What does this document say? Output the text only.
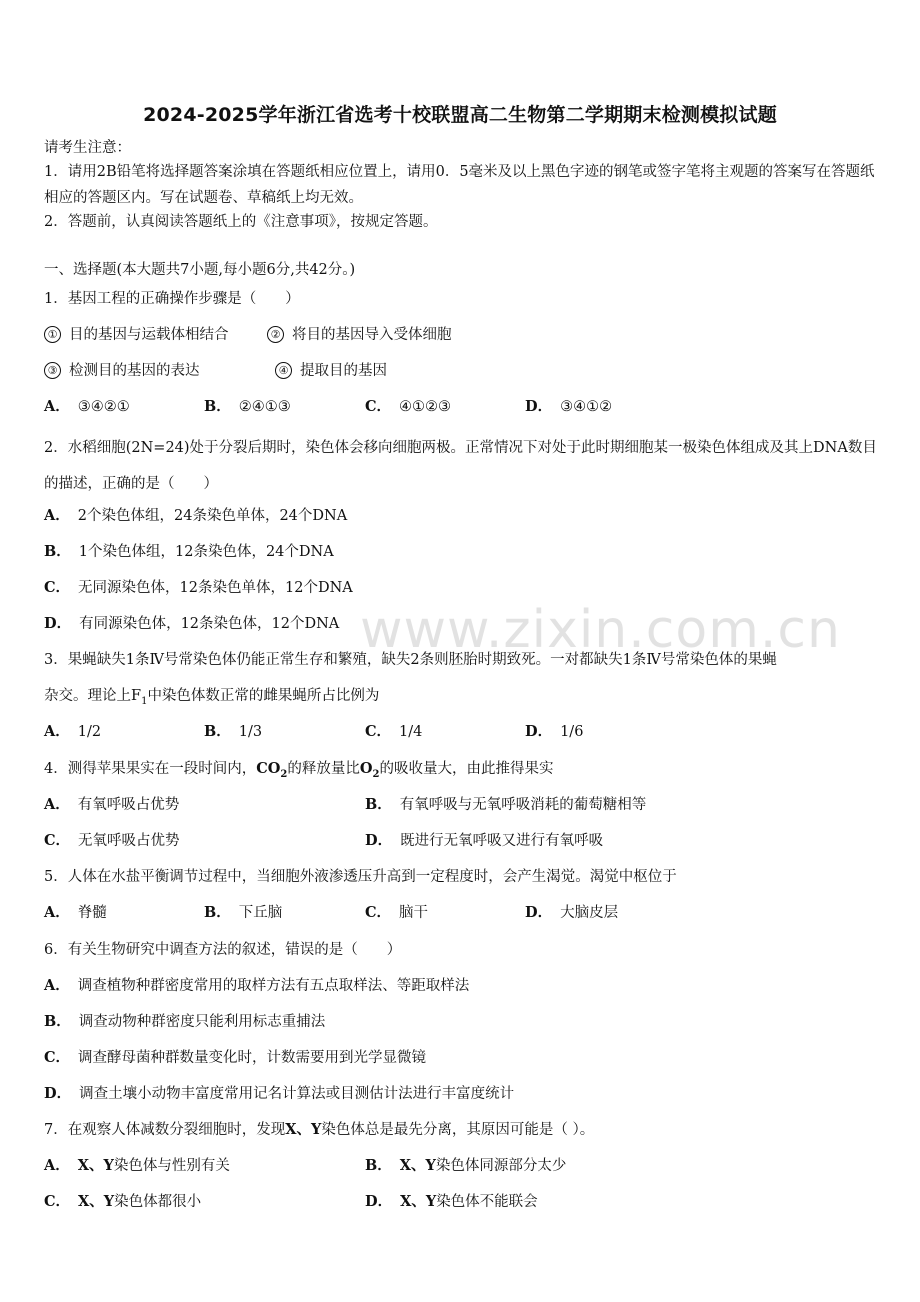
2024-2025学年浙江省选考十校联盟高二生物第二学期期末检测模拟试题
请考生注意：
1．请用2B铅笔将选择题答案涂填在答题纸相应位置上，请用0．5毫米及以上黑色字迹的钢笔或签字笔将主观题的答案写在答题纸相应的答题区内。写在试题卷、草稿纸上均无效。
2．答题前，认真阅读答题纸上的《注意事项》，按规定答题。
一、选择题(本大题共7小题,每小题6分,共42分。)
1．基因工程的正确操作步骤是（　　）
① 目的基因与运载体相结合	② 将目的基因导入受体细胞
③ 检测目的基因的表达	④ 提取目的基因
A． ③④②①	B． ②④①③	C． ④①②③	D． ③④①②
2．水稻细胞(2N=24)处于分裂后期时，染色体会移向细胞两极。正常情况下对处于此时期细胞某一极染色体组成及其上DNA数目的描述，正确的是（　　）
A． 2个染色体组，24条染色单体，24个DNA
B． 1个染色体组，12条染色体，24个DNA
C． 无同源染色体，12条染色单体，12个DNA
D． 有同源染色体，12条染色体，12个DNA www.zixin.com.cn
3．果蝇缺失1条Ⅳ号常染色体仍能正常生存和繁殖，缺失2条则胚胎时期致死。一对都缺失1条Ⅳ号常染色体的果蝇
杂交。理论上$F_1$中染色体数正常的雌果蝇所占比例为
A． 1/2	B． 1/3	C． 1/4	D． 1/6
4．测得苹果果实在一段时间内，$CO_2$的释放量比$O_2$的吸收量大，由此推得果实
A． 有氧呼吸占优势	B． 有氧呼吸与无氧呼吸消耗的葡萄糖相等
C． 无氧呼吸占优势	D． 既进行无氧呼吸又进行有氧呼吸
5．人体在水盐平衡调节过程中，当细胞外液渗透压升高到一定程度时，会产生渴觉。渴觉中枢位于
A． 脊髓	B． 下丘脑	C． 脑干	D． 大脑皮层
6．有关生物研究中调查方法的叙述，错误的是（　　）
A． 调查植物种群密度常用的取样方法有五点取样法、等距取样法
B． 调查动物种群密度只能利用标志重捕法
C． 调查酵母菌种群数量变化时，计数需要用到光学显微镜
D． 调查土壤小动物丰富度常用记名计算法或目测估计法进行丰富度统计
7．在观察人体减数分裂细胞时，发现X、Y染色体总是最先分离，其原因可能是（ ）。
A． X、Y染色体与性别有关	B． X、Y染色体同源部分太少
C． X、Y染色体都很小	D． X、Y染色体不能联会
